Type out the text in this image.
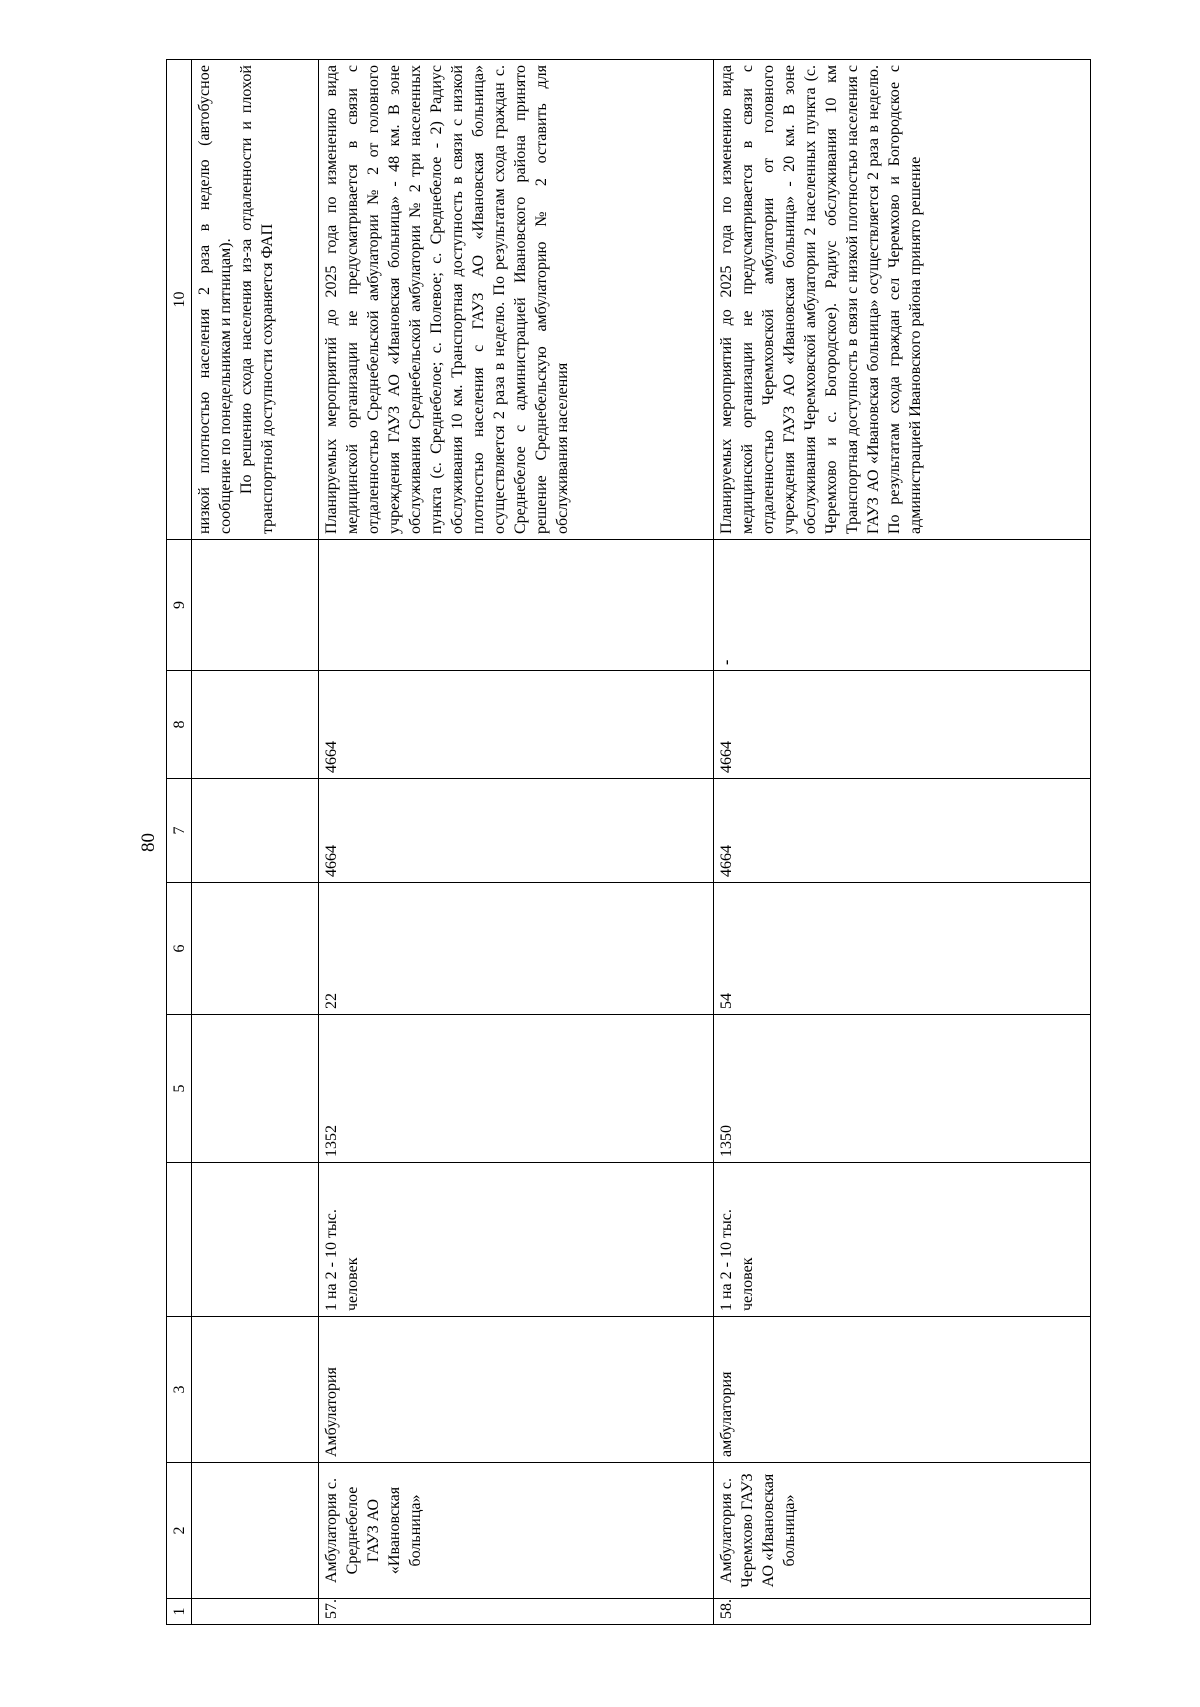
80
1	2	3		5	6	7	8	9	10

									низкой плотностью населения 2 раза в неделю (автобусное сообщение по понедельникам и пятницам). По решению схода населения из-за отдаленности и плохой транспортной доступности сохраняется ФАП

57.	Амбулатория с. Среднебелое ГАУЗ АО «Ивановская больница»	Амбулатория	1 на 2 - 10 тыс. человек	1352	22	4664	4664		Планируемых мероприятий до 2025 года по изменению вида медицинской организации не предусматривается в связи с отдаленностью Среднебельской амбулатории № 2 от головного учреждения ГАУЗ АО «Ивановская больница» - 48 км. В зоне обслуживания Среднебельской амбулатории № 2 три населенных пункта (с. Среднебелое; с. Полевое; с. Среднебелое - 2) Радиус обслуживания 10 км. Транспортная доступность в связи с низкой плотностью населения с ГАУЗ АО «Ивановская больница» осуществляется 2 раза в неделю. По результатам схода граждан с. Среднебелое с администрацией Ивановского района принято решение Среднебельскую амбулаторию № 2 оставить для обслуживания населения
58.	Амбулатория с. Черемхово ГАУЗ АО «Ивановская больница»	амбулатория	1 на 2 - 10 тыс. человек	1350	54	4664	4664	-	Планируемых мероприятий до 2025 года по изменению вида медицинской организации не предусматривается в связи с отдаленностью Черемховской амбулатории от головного учреждения ГАУЗ АО «Ивановская больница» - 20 км. В зоне обслуживания Черемховской амбулатории 2 населенных пункта (с. Черемхово и с. Богородское). Радиус обслуживания 10 км Транспортная доступность в связи с низкой плотностью населения с ГАУЗ АО «Ивановская больница» осуществляется 2 раза в неделю. По результатам схода граждан сел Черемхово и Богородское с администрацией Ивановского района принято решение
